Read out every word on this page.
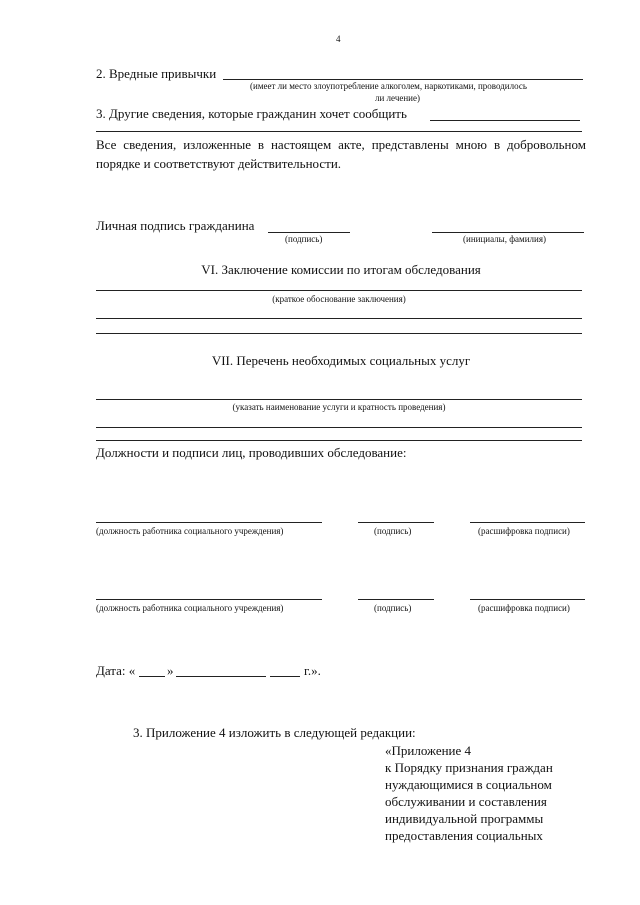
4
2. Вредные привычки
(имеет ли место злоупотребление алкоголем, наркотиками, проводилось
ли лечение)
3. Другие сведения, которые гражданин хочет сообщить
Все сведения, изложенные в настоящем акте, представлены мною в добровольном
порядке и соответствуют действительности.
Личная подпись гражданина
(подпись)	(инициалы, фамилия)
VI. Заключение комиссии по итогам обследования
(краткое обоснование заключения)
VII. Перечень необходимых социальных услуг
(указать наименование услуги и кратность проведения)
Должности и подписи лиц, проводивших обследование:
(должность работника социального учреждения)	(подпись)	(расшифровка подписи)
(должность работника социального учреждения)	(подпись)	(расшифровка подписи)
Дата: « »	г.».
3. Приложение 4 изложить в следующей редакции:
«Приложение 4
к Порядку признания граждан
нуждающимися в социальном
обслуживании и составления
индивидуальной программы
предоставления социальных
